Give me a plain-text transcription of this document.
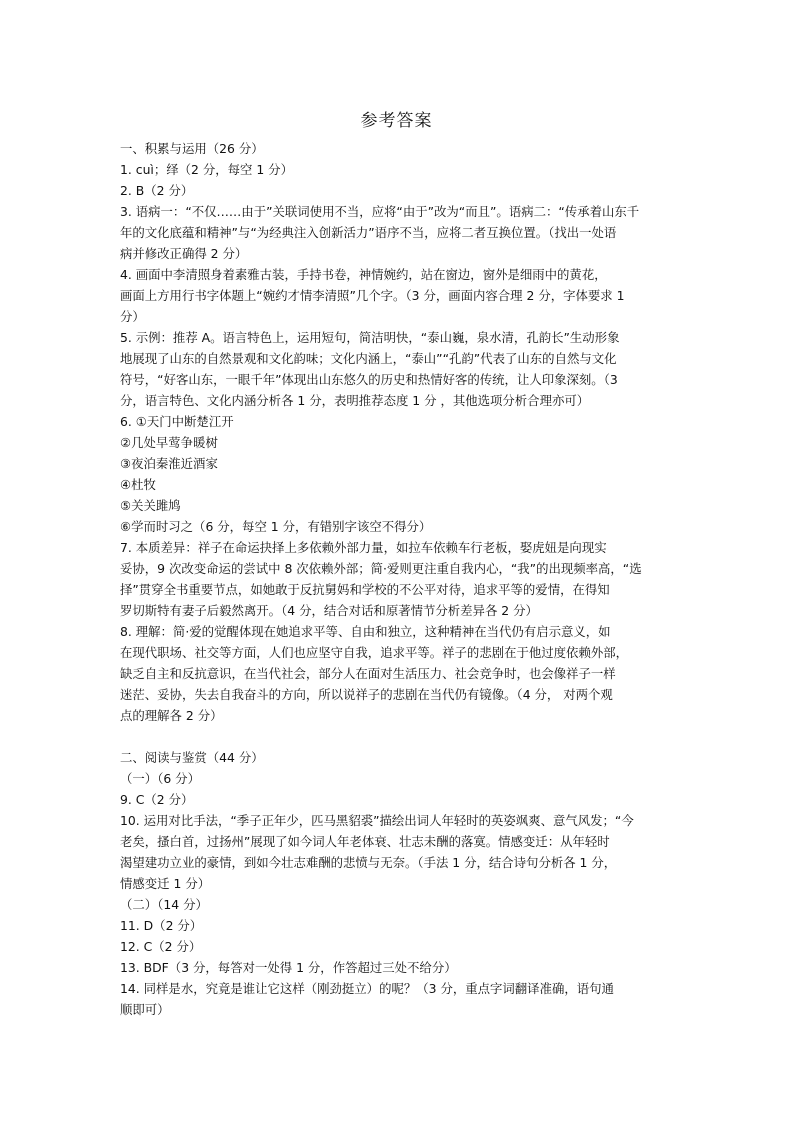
参考答案
一、积累与运用（26 分）
1. cuì；绎（2 分，每空 1 分）
2. B（2 分）
3. 语病一：“不仅……由于”关联词使用不当，应将“由于”改为“而且”。语病二：“传承着山东千
年的文化底蕴和精神”与“为经典注入创新活力”语序不当，应将二者互换位置。（找出一处语
病并修改正确得 2 分）
4. 画面中李清照身着素雅古装，手持书卷，神情婉约，站在窗边，窗外是细雨中的黄花，
画面上方用行书字体题上“婉约才情李清照”几个字。（3 分，画面内容合理 2 分，字体要求 1
分）
5. 示例：推荐 A。语言特色上，运用短句，简洁明快，“泰山巍，泉水清，孔韵长”生动形象
地展现了山东的自然景观和文化韵味；文化内涵上，“泰山”“孔韵”代表了山东的自然与文化
符号，“好客山东，一眼千年”体现出山东悠久的历史和热情好客的传统，让人印象深刻。（3
分，语言特色、文化内涵分析各 1 分，表明推荐态度 1 分 ，其他选项分析合理亦可）
6. ①天门中断楚江开
②几处早莺争暖树
③夜泊秦淮近酒家
④杜牧
⑤关关雎鸠
⑥学而时习之（6 分，每空 1 分，有错别字该空不得分）
7. 本质差异：祥子在命运抉择上多依赖外部力量，如拉车依赖车行老板，娶虎妞是向现实
妥协，9 次改变命运的尝试中 8 次依赖外部；简·爱则更注重自我内心，“我”的出现频率高，“选
择”贯穿全书重要节点，如她敢于反抗舅妈和学校的不公平对待，追求平等的爱情，在得知
罗切斯特有妻子后毅然离开。（4 分，结合对话和原著情节分析差异各 2 分）
8. 理解：简·爱的觉醒体现在她追求平等、自由和独立，这种精神在当代仍有启示意义，如
在现代职场、社交等方面，人们也应坚守自我，追求平等。祥子的悲剧在于他过度依赖外部，
缺乏自主和反抗意识，在当代社会，部分人在面对生活压力、社会竞争时，也会像祥子一样
迷茫、妥协，失去自我奋斗的方向，所以说祥子的悲剧在当代仍有镜像。（4 分， 对两个观
点的理解各 2 分）
二、阅读与鉴赏（44 分）
（一）（6 分）
9. C（2 分）
10. 运用对比手法，“季子正年少，匹马黑貂裘”描绘出词人年轻时的英姿飒爽、意气风发；“今
老矣，搔白首，过扬州”展现了如今词人年老体衰、壮志未酬的落寞。情感变迁：从年轻时
渴望建功立业的豪情，到如今壮志难酬的悲愤与无奈。（手法 1 分，结合诗句分析各 1 分，
情感变迁 1 分）
（二）（14 分）
11. D（2 分）
12. C（2 分）
13. BDF（3 分，每答对一处得 1 分，作答超过三处不给分）
14. 同样是水，究竟是谁让它这样（刚劲挺立）的呢？（3 分，重点字词翻译准确，语句通
顺即可）
